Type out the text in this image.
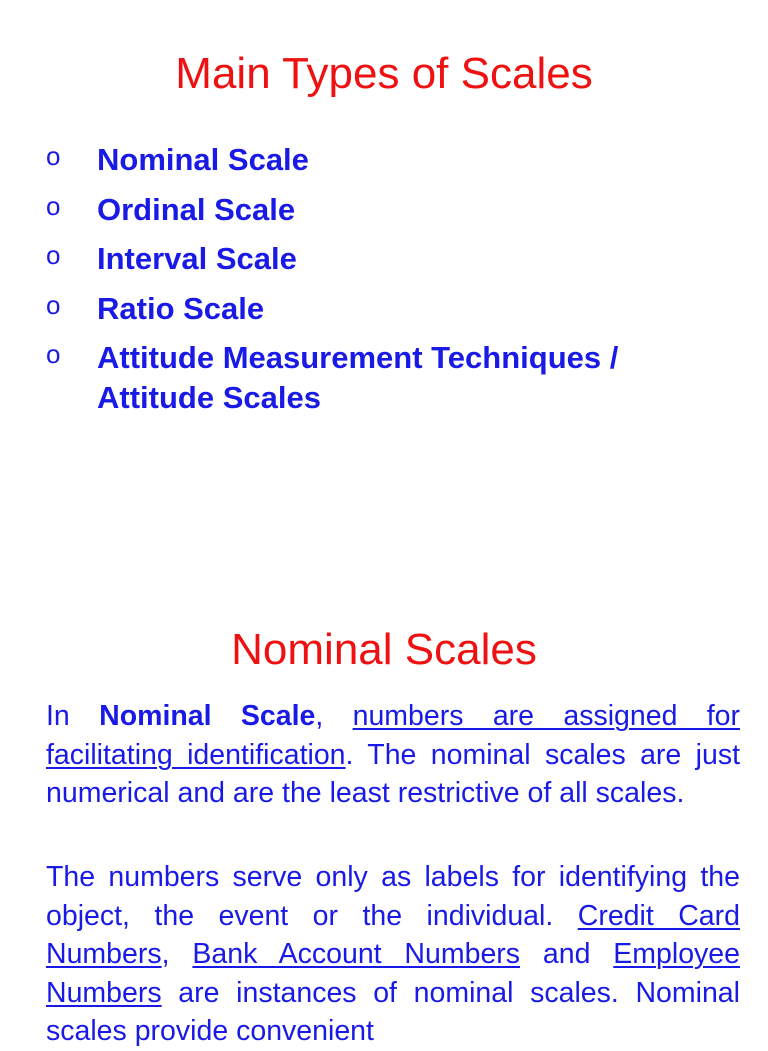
Main Types of Scales
o Nominal Scale
o Ordinal Scale
o Interval Scale
o Ratio Scale
o Attitude Measurement Techniques / Attitude Scales
Nominal Scales

In Nominal Scale, numbers are assigned for facilitating identification. The nominal scales are just numerical and are the least restrictive of all scales.

The numbers serve only as labels for identifying the object, the event or the individual. Credit Card Numbers, Bank Account Numbers and Employee Numbers are instances of nominal scales. Nominal scales provide convenient
